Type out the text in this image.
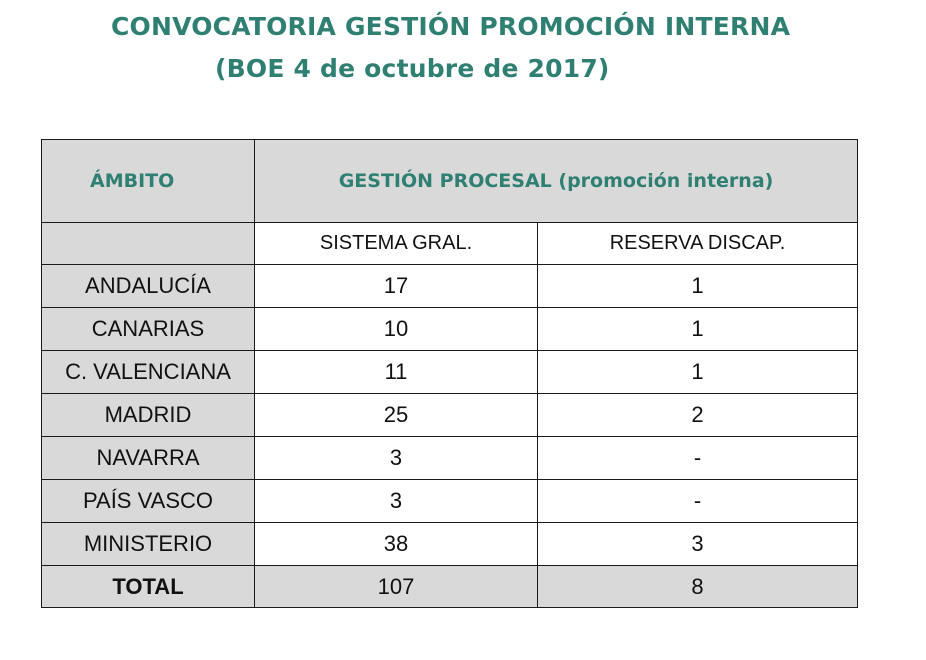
CONVOCATORIA GESTIÓN PROMOCIÓN INTERNA
(BOE 4 de octubre de 2017)
ÁMBITO	GESTIÓN PROCESAL (promoción interna)	
	SISTEMA GRAL.	RESERVA DISCAP.
ANDALUCÍA	17	1
CANARIAS	10	1
C. VALENCIANA	11	1
MADRID	25	2
NAVARRA	3	-
PAÍS VASCO	3	-
MINISTERIO	38	3
TOTAL	107	8
